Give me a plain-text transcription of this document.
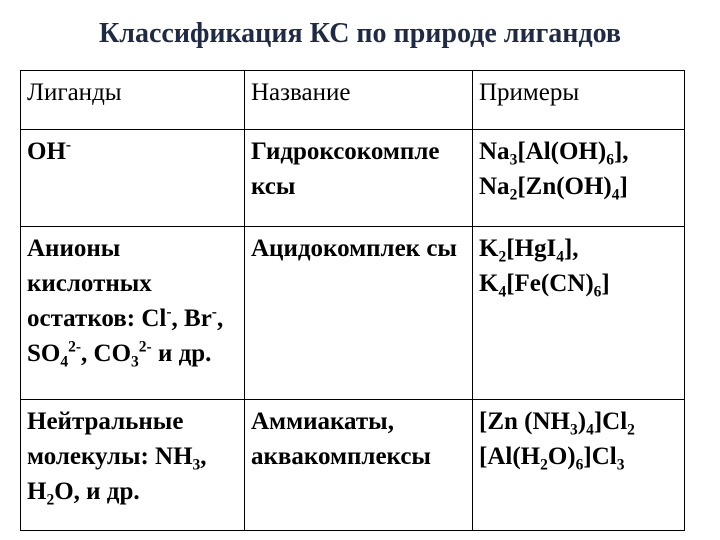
Классификация КС по природе лигандов
Лиганды	Название	Примеры
OH-	Гидроксокомпле ксы	$Na_3[Al(OH)_6]$,
$Na_2[Zn(OH)_4]$

Анионы кислотных остатков: Cl-, Br-, $SO_4^{2-}$, $CO_3^{2-}$ и др.	Ацидокомплек сы	$K_2[HgI_4]$,
$K_4[Fe(CN)_6]$

Нейтральные молекулы: $NH_3$, $H_2O$, и др.	Аммиакаты, аквакомплексы	[Zn $(NH_3)_4]Cl_2$
$[Al(H_2O)_6]Cl_3$
